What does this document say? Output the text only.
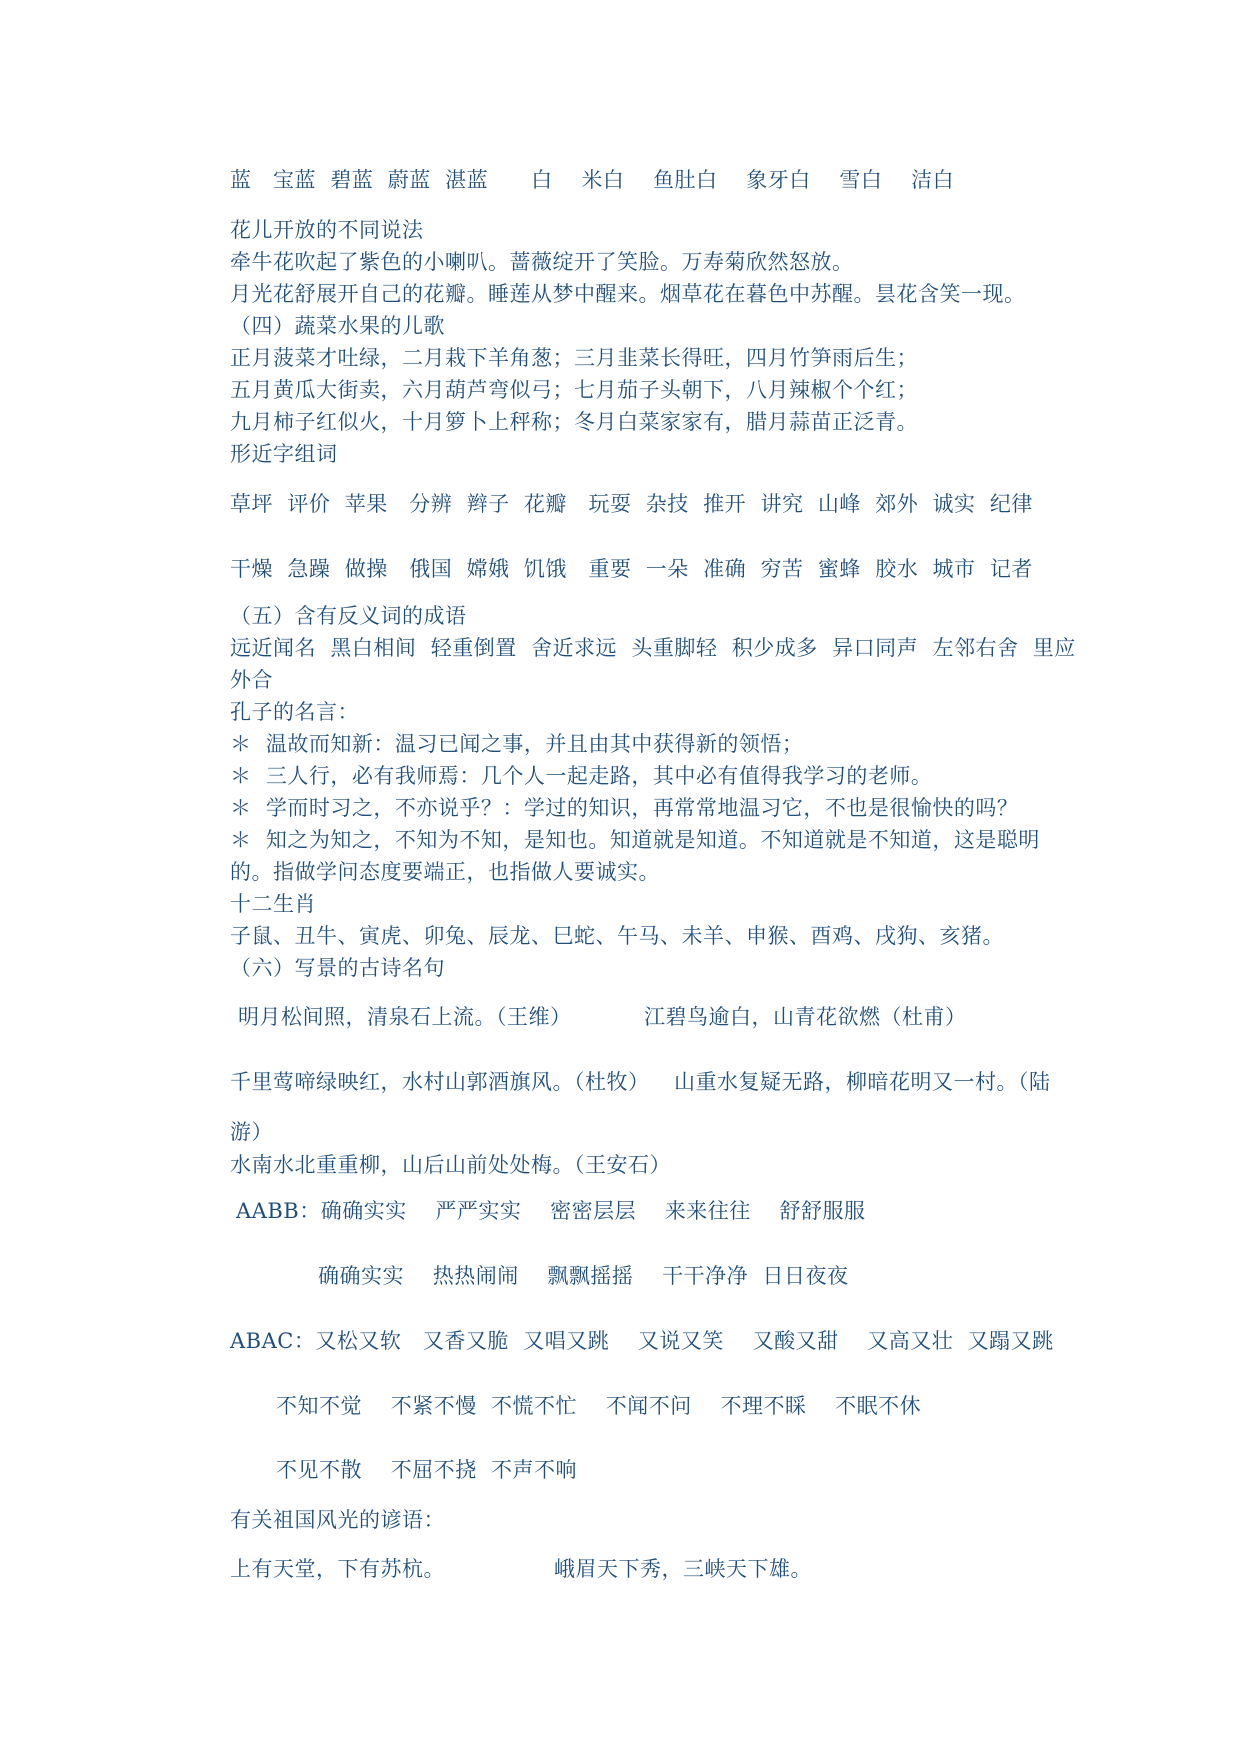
蓝   宝蓝  碧蓝  蔚蓝  湛蓝      白    米白    鱼肚白    象牙白    雪白    洁白
花儿开放的不同说法
牵牛花吹起了紫色的小喇叭。蔷薇绽开了笑脸。万寿菊欣然怒放。
月光花舒展开自己的花瓣。睡莲从梦中醒来。烟草花在暮色中苏醒。昙花含笑一现。
（四）蔬菜水果的儿歌
正月菠菜才吐绿，二月栽下羊角葱；三月韭菜长得旺，四月竹笋雨后生；
五月黄瓜大街卖，六月葫芦弯似弓；七月茄子头朝下，八月辣椒个个红；
九月柿子红似火，十月箩卜上秤称；冬月白菜家家有，腊月蒜苗正泛青。
形近字组词
草坪  评价  苹果   分辨  辫子  花瓣   玩耍  杂技  推开  讲究  山峰  郊外  诚实  纪律
干燥  急躁  做操   俄国  嫦娥  饥饿   重要  一朵  准确  穷苦  蜜蜂  胶水  城市  记者
（五）含有反义词的成语
远近闻名  黑白相间  轻重倒置  舍近求远  头重脚轻  积少成多  异口同声  左邻右舍  里应
外合
孔子的名言：
＊  温故而知新：温习已闻之事，并且由其中获得新的领悟；
＊  三人行，必有我师焉：几个人一起走路，其中必有值得我学习的老师。
＊  学而时习之，不亦说乎？：学过的知识，再常常地温习它，不也是很愉快的吗？
＊  知之为知之，不知为不知，是知也。知道就是知道。不知道就是不知道，这是聪明
的。指做学问态度要端正，也指做人要诚实。
十二生肖
子鼠、丑牛、寅虎、卯兔、辰龙、巳蛇、午马、未羊、申猴、酉鸡、戌狗、亥猪。
（六）写景的古诗名句
明月松间照，清泉石上流。（王维）	江碧鸟逾白，山青花欲燃（杜甫）
千里莺啼绿映红，水村山郭酒旗风。（杜牧） 山重水复疑无路，柳暗花明又一村。（陆
游）
水南水北重重柳，山后山前处处梅。（王安石）
AABB：确确实实    严严实实    密密层层    来来往往    舒舒服服
确确实实    热热闹闹    飘飘摇摇    干干净净  日日夜夜
ABAC：又松又软   又香又脆  又唱又跳    又说又笑    又酸又甜    又高又壮  又蹋又跳
不知不觉    不紧不慢  不慌不忙    不闻不问    不理不睬    不眠不休
不见不散    不屈不挠  不声不响
有关祖国风光的谚语：
上有天堂，下有苏杭。	峨眉天下秀，三峡天下雄。
